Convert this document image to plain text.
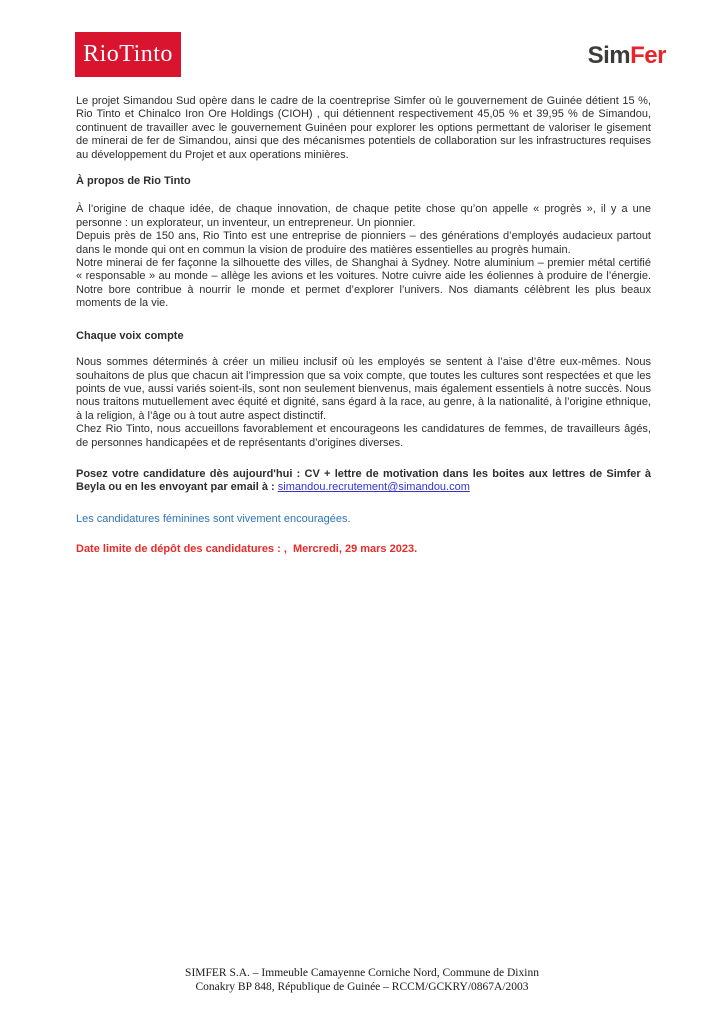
RioTinto	SimFer

Le projet Simandou Sud opère dans le cadre de la coentreprise Simfer où le gouvernement de Guinée détient 15 %, Rio Tinto et Chinalco Iron Ore Holdings (CIOH) , qui détiennent respectivement 45,05 % et 39,95 % de Simandou, continuent de travailler avec le gouvernement Guinéen pour explorer les options permettant de valoriser le gisement de minerai de fer de Simandou, ainsi que des mécanismes potentiels de collaboration sur les infrastructures requises au développement du Projet et aux operations minières.

À propos de Rio Tinto

À l’origine de chaque idée, de chaque innovation, de chaque petite chose qu’on appelle « progrès », il y a une personne : un explorateur, un inventeur, un entrepreneur. Un pionnier.

Depuis près de 150 ans, Rio Tinto est une entreprise de pionniers – des générations d’employés audacieux partout dans le monde qui ont en commun la vision de produire des matières essentielles au progrès humain.

Notre minerai de fer façonne la silhouette des villes, de Shanghai à Sydney. Notre aluminium – premier métal certifié « responsable » au monde – allège les avions et les voitures. Notre cuivre aide les éoliennes à produire de l’énergie. Notre bore contribue à nourrir le monde et permet d’explorer l’univers. Nos diamants célèbrent les plus beaux moments de la vie.

Chaque voix compte

Nous sommes déterminés à créer un milieu inclusif où les employés se sentent à l’aise d’être eux-mêmes. Nous souhaitons de plus que chacun ait l’impression que sa voix compte, que toutes les cultures sont respectées et que les points de vue, aussi variés soient-ils, sont non seulement bienvenus, mais également essentiels à notre succès. Nous nous traitons mutuellement avec équité et dignité, sans égard à la race, au genre, à la nationalité, à l’origine ethnique, à la religion, à l’âge ou à tout autre aspect distinctif.

Chez Rio Tinto, nous accueillons favorablement et encourageons les candidatures de femmes, de travailleurs âgés, de personnes handicapées et de représentants d’origines diverses.

Posez votre candidature dès aujourd'hui : CV + lettre de motivation dans les boites aux lettres de Simfer à Beyla ou en les envoyant par email à : simandou.recrutement@simandou.com

Les candidatures féminines sont vivement encouragées.

Date limite de dépôt des candidatures : ,  Mercredi, 29 mars 2023.

SIMFER S.A. – Immeuble Camayenne Corniche Nord, Commune de Dixinn
Conakry BP 848, République de Guinée – RCCM/GCKRY/0867A/2003
